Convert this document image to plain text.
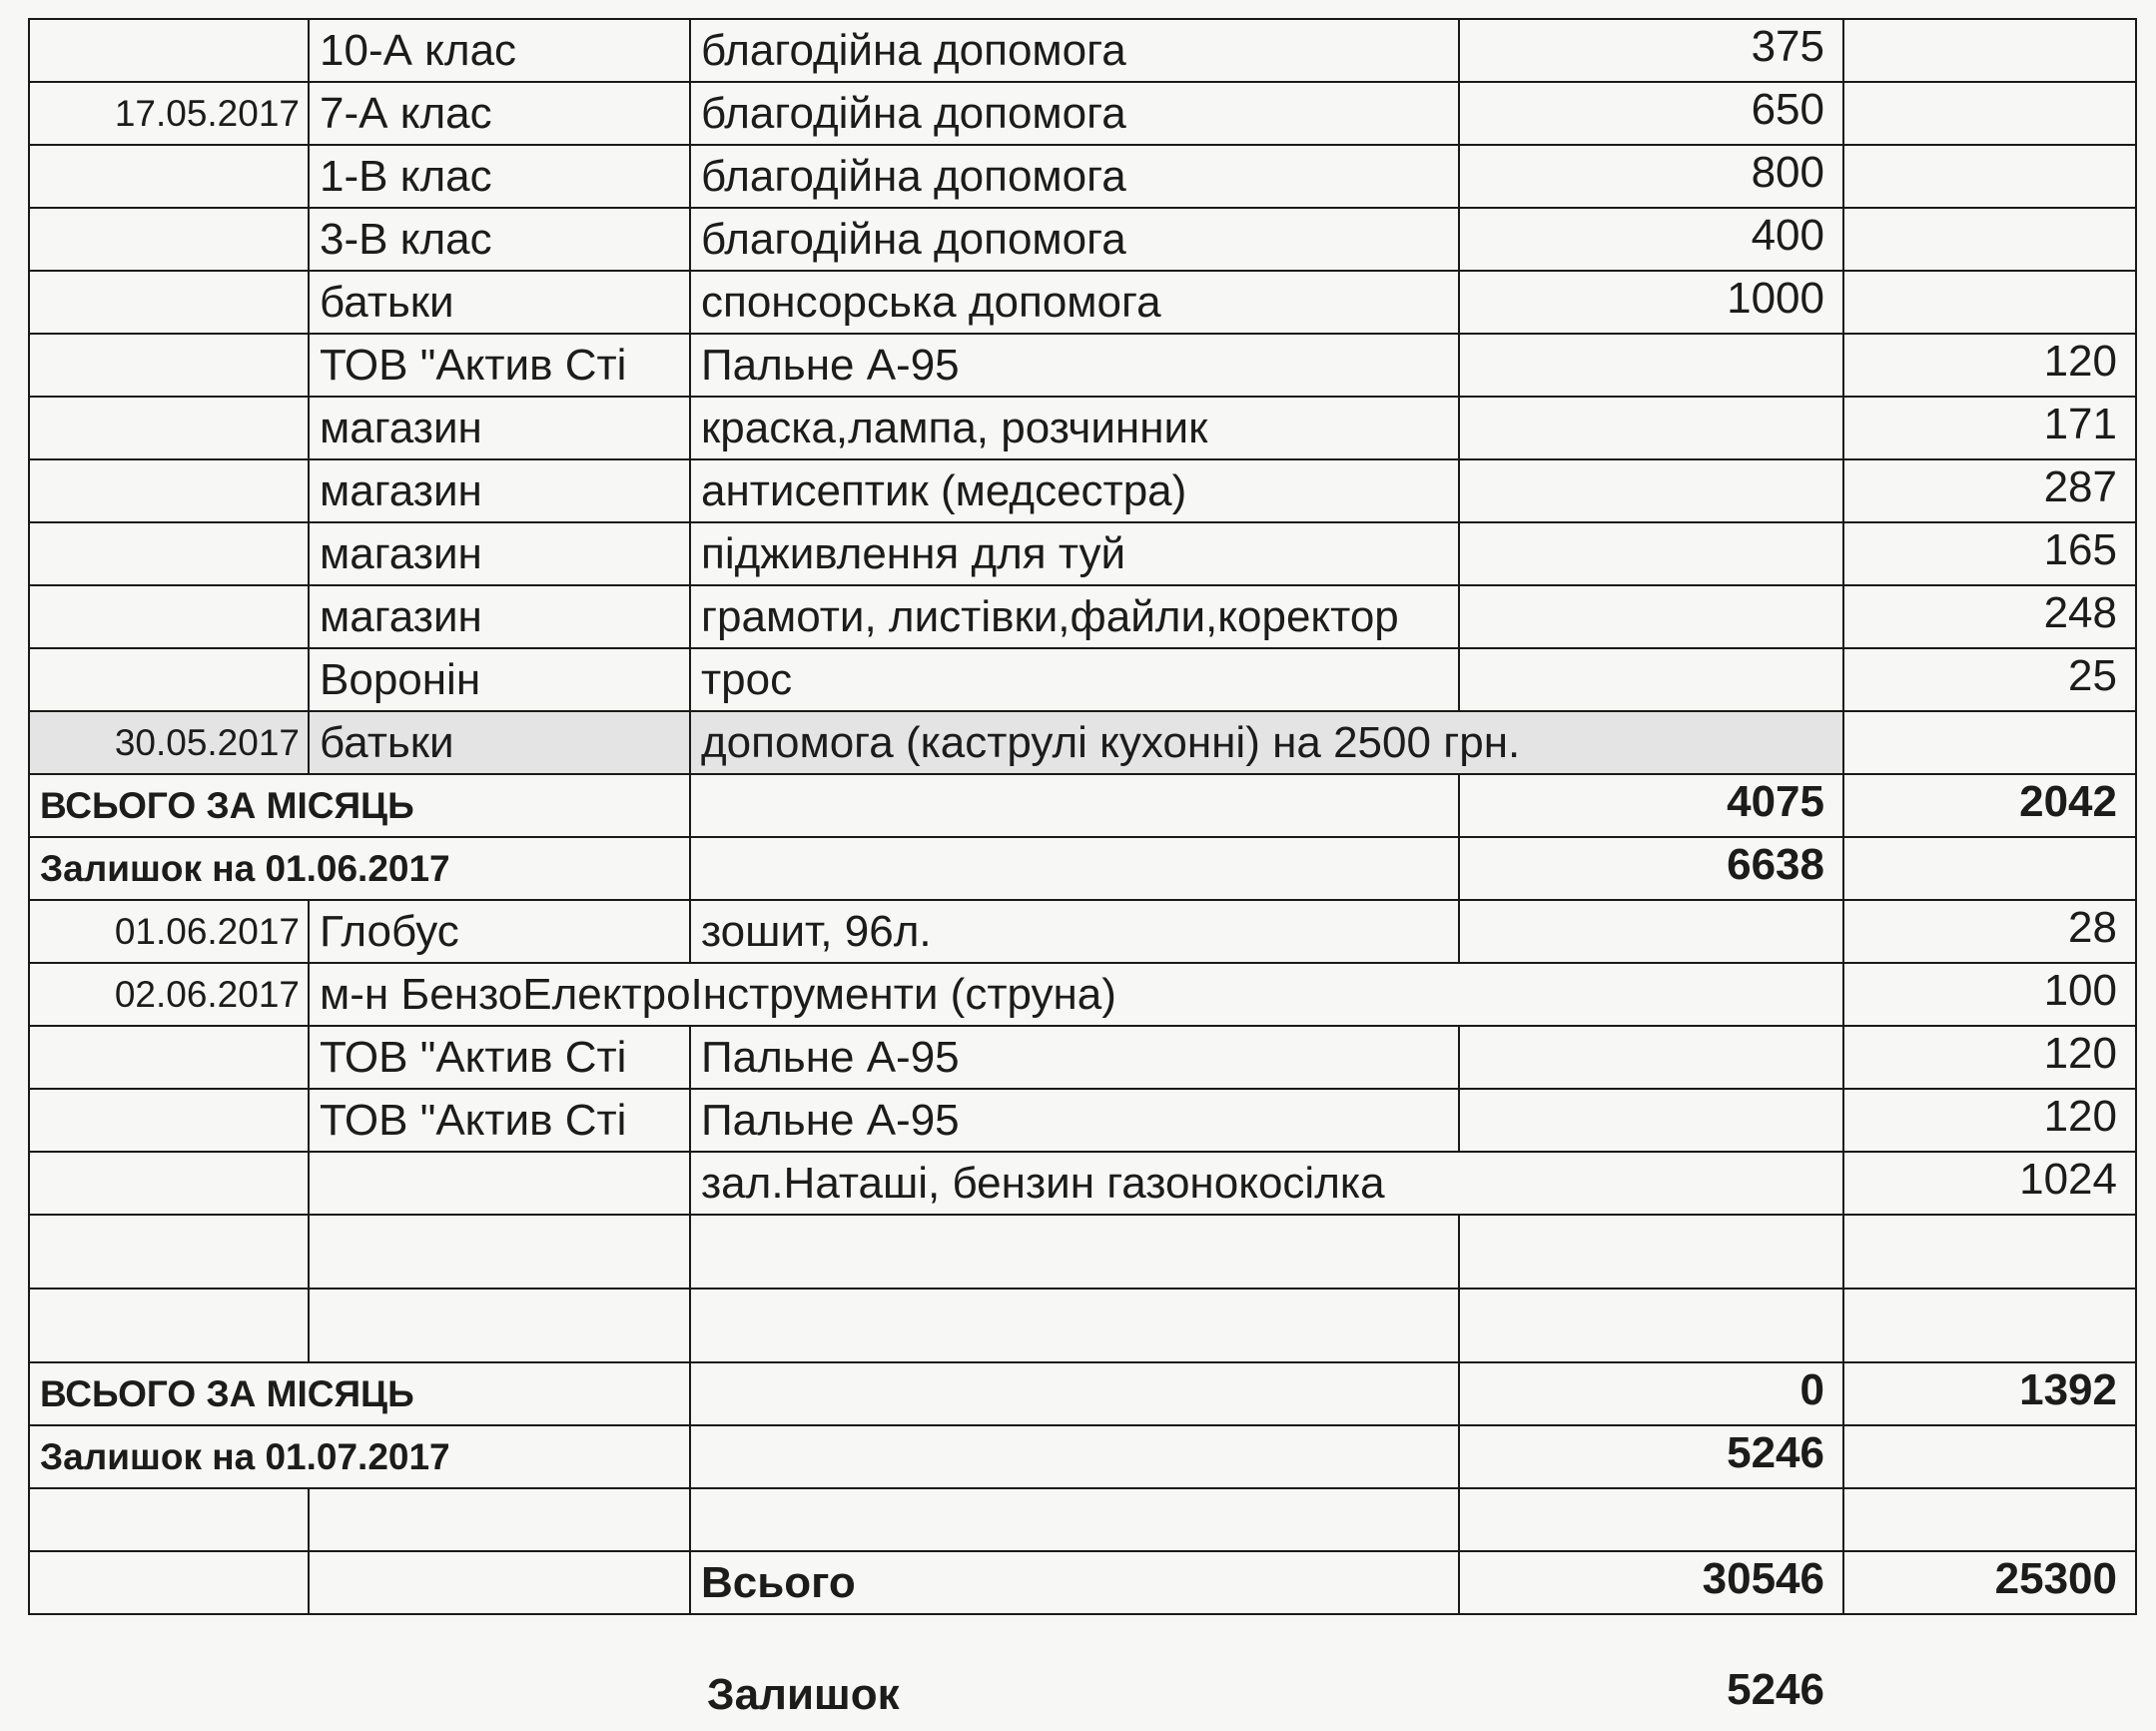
	10-А клас	благодійна допомога	375	
17.05.2017	7-А клас	благодійна допомога	650	
	1-В клас	благодійна допомога	800	
	3-В клас	благодійна допомога	400	
	батьки	спонсорська допомога	1000	
	ТОВ "Актив Сті	Пальне А-95		120
	магазин	краска,лампа, розчинник		171
	магазин	антисептик (медсестра)		287
	магазин	підживлення для туй		165
	магазин	грамоти, листівки,файли,коректор		248
	Воронін	трос		25
30.05.2017	батьки	допомога (каструлі кухонні) на 2500 грн.		
ВСЬОГО ЗА МІСЯЦЬ			4075	2042
Залишок на 01.06.2017			6638	
01.06.2017	Глобус	зошит, 96л.		28
02.06.2017	м-н БензоЕлектроІнструменти (струна)			100
	ТОВ "Актив Сті	Пальне А-95		120
	ТОВ "Актив Сті	Пальне А-95		120
		зал.Наташі, бензин газонокосілка		1024

ВСЬОГО ЗА МІСЯЦЬ			0	1392
Залишок на 01.07.2017			5246	

		Всього	30546	25300
Залишок	5246
